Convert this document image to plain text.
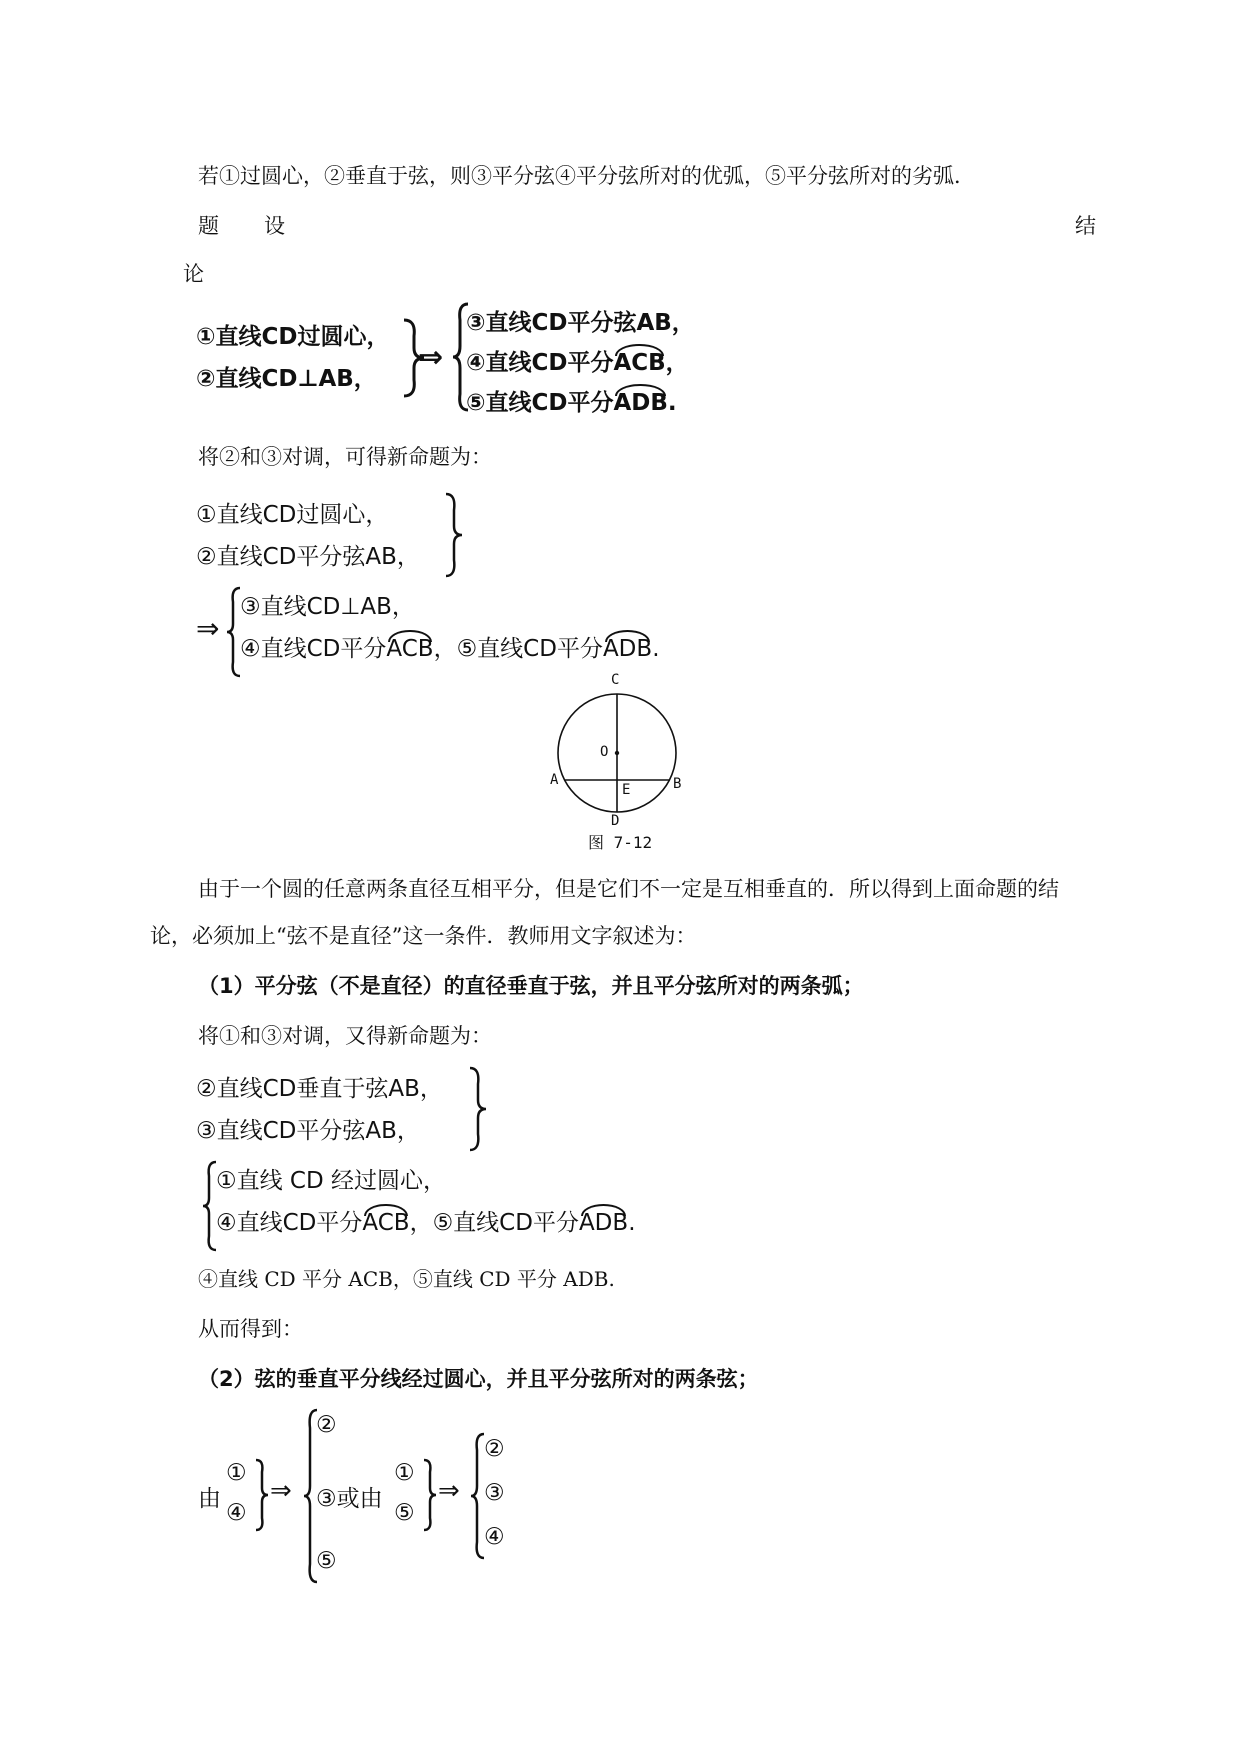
若①过圆心，②垂直于弦，则③平分弦④平分弦所对的优弧，⑤平分弦所对的劣弧．
题　设	结
论
①直线CD过圆心，
②直线CD⊥AB，
⇒
③直线CD平分弦AB，
④直线CD平分ACB，
⑤直线CD平分ADB.
将②和③对调，可得新命题为：
①直线CD过圆心，
②直线CD平分弦AB，
⇒
③直线CD⊥AB，
④直线CD平分ACB，⑤直线CD平分ADB.
C
O
A	B
E
D
图 7-12
由于一个圆的任意两条直径互相平分，但是它们不一定是互相垂直的．所以得到上面命题的结
论，必须加上“弦不是直径”这一条件．教师用文字叙述为：
（1）平分弦（不是直径）的直径垂直于弦，并且平分弦所对的两条弧；
将①和③对调，又得新命题为：
②直线CD垂直于弦AB，
③直线CD平分弦AB，
①直线 CD 经过圆心，
④直线CD平分ACB，⑤直线CD平分ADB.
④直线 CD 平分 ACB，⑤直线 CD 平分 ADB.
从而得到：
（2）弦的垂直平分线经过圆心，并且平分弦所对的两条弦；
由
①
④
⇒
②
③或由
⑤
①
⑤
⇒
②
③
④
